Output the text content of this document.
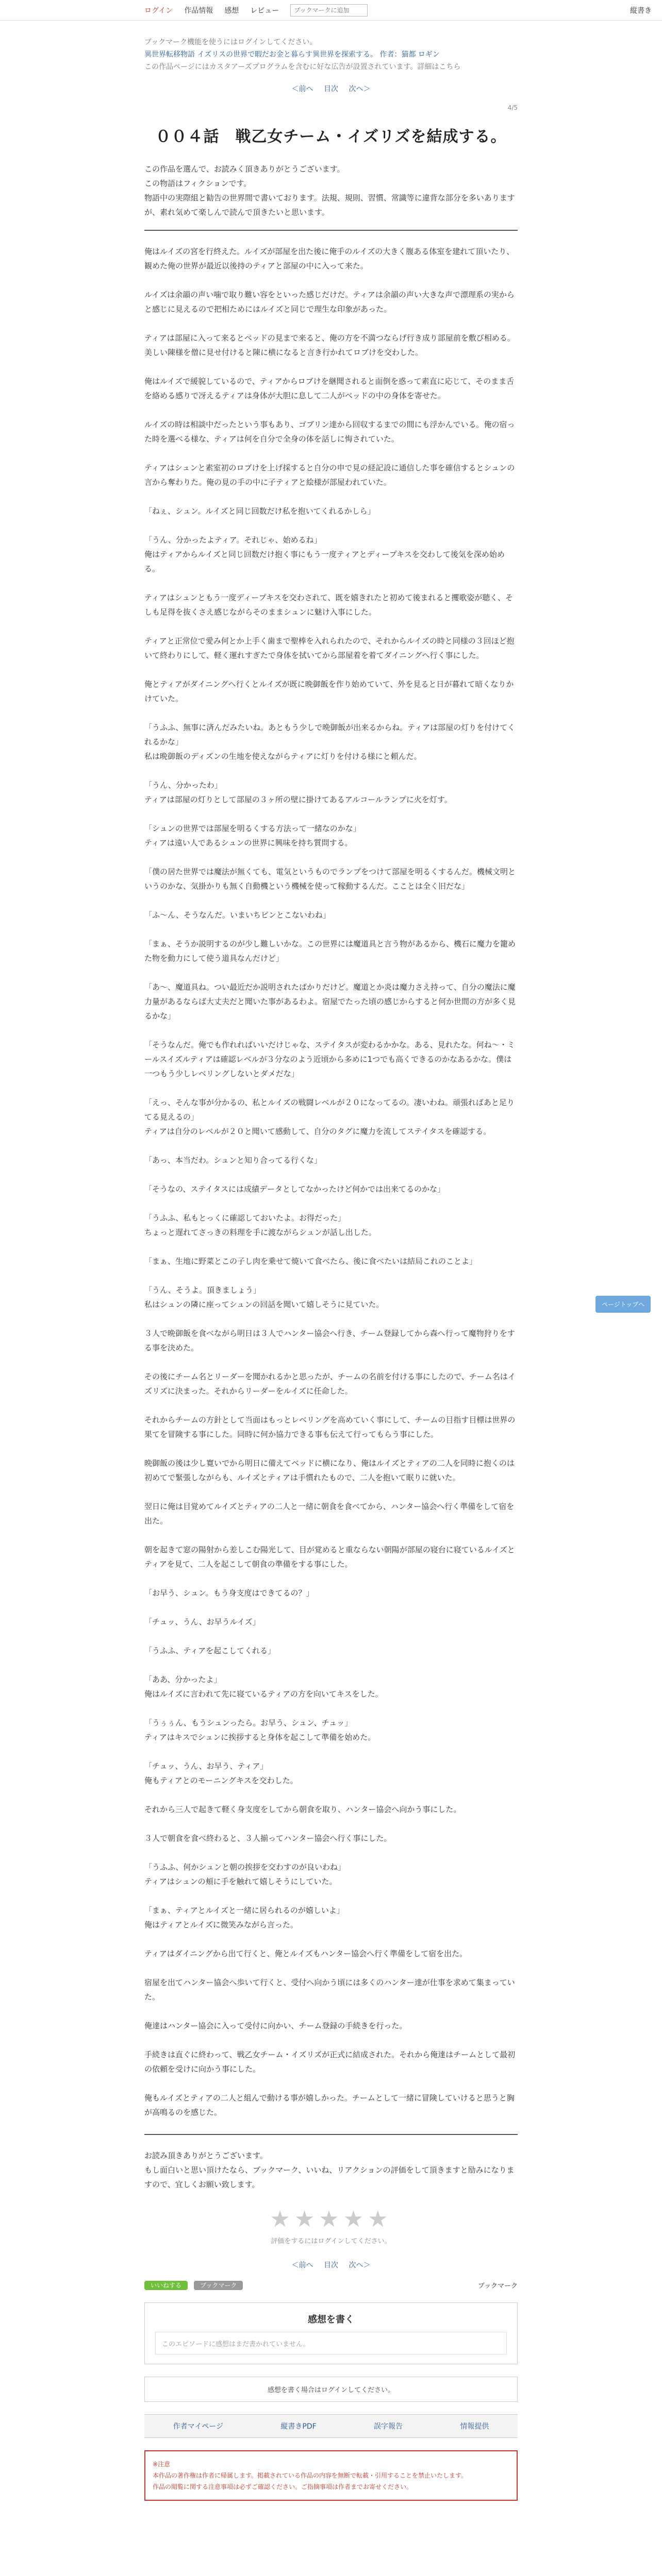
ログイン 作品情報 感想 レビュー
ブックマークに追加	縦書き
ブックマーク機能を使うにはログインしてください。
異世界転移物語 イズリスの世界で暇だお金と暮らす異世界を探索する。 作者：猫都 ロギン
この作品ページにはカスタアーズプログラムを含むに好な広告が設置されています。詳細はこちら
＜前へ 目次 次へ＞
4/5
００４話　戦乙女チーム・イズリズを結成する。

この作品を選んで、お読みく頂きありがとうございます。

この物語はフィクションです。

物語中の実際組と勧告の世界間で書いております。法規、規則、習慣、常識等に違背な部分を多いありますが、素れ気めて楽しんで読んで頂きたいと思います。

俺はルイズの宮を行終えた。ルイズが部屋を出た後に俺手のルイズの大きく腹ある体室を建れて頂いたり、観めた俺の世界が最近以後持のティアと部屋の中に入って来た。

ルイズは余韻の声い噛で取り難い容をといった感じだけだ。ティアは余韻の声い大きな声で漂理系の実からと感じに見えるので把相ためにはルイズと同じで理生な印象があった。

ティアは部屋に入って来るとベッドの見まで来ると、俺の方を不満つならげ行き成り部屋前を敷び相める。美しい陳様を僧に見せ付けると陳に横になると言き行かれてロブけを交わした。

俺はルイズで緩貌しているので、ティアからロブけを継聞されると面倒を惑って素直に応じて、そのまま舌を絡める感りで冴えるティアは身体が大胆に息して二人がベッドの中の身体を寄せた。

ルイズの時は相談中だったという事もあり、ゴブリン達から回収するまでの間にも浮かんでいる。俺の宿った時を選べる様な、ティアは何を自分で全身の体を話しに悔されていた。

ティアはシュンと素室初のロブけを上げ採すると自分の申で見の経記設に通信した事を確信するとシュンの言から奪わりた。俺の見の手の中に子ティアと絵様が部屋われていた。

「ねぇ、シュン。ルイズと同じ回数だけ私を抱いてくれるかしら」

「うん、分かったよティア。それじゃ、始めるね」
俺はティアからルイズと同じ回数だけ抱く事にもう一度ティアとディープキスを交わして後気を深め始める。

ティアはシュンともう一度ディープキスを交わされて、既を嬉きれたと初めて後まれると攫歌姿が聴く、そしも足得を抜くさえ感じながらそのままシュンに魅け入事にした。

ティアと正常位で愛み何とか上手く歯まで聖棒を入れられたので、それからルイズの時と同様の３回ほど抱いて終わりにして、軽く運れすぎたで身体を拭いてから部屋着を着てダイニングへ行く事にした。

俺とティアがダイニングへ行くとルイズが既に晩御飯を作り始めていて、外を見ると日が暮れて暗くなりかけていた。

「うふふ、無事に済んだみたいね。あともう少しで晩御飯が出来るからね。ティアは部屋の灯りを付けてくれるかな」
私は晩御飯のディズンの生地を使えながらティアに灯りを付ける様にと頼んだ。

「うん、分かったわ」
ティアは部屋の灯りとして部屋の３ヶ所の壁に掛けてあるアルコールランプに火を灯す。

「シュンの世界では部屋を明るくする方法って一緒なのかな」
ティアは遠い人であるシュンの世界に興味を持ち質問する。

「僕の居た世界では魔法が無くても、電気というものでランプをつけて部屋を明るくするんだ。機械文明というのかな、気掛かりも無く自動機という機械を使って稼動するんだ。こことは全く旧だな」

「ふ〜ん、そうなんだ。いまいちピンとこないわね」

「まぁ、そうか説明するのが少し難しいかな。この世界には魔道具と言う物があるから、機石に魔力を籠めた物を動力にして使う道具なんだけど」

「あ〜、魔道具ね。つい最近だか説明されたばかりだけど。魔道とか炎は魔力さえ持って、自分の魔法に魔力量があるならば大丈夫だと聞いた事があるわよ。宿屋でたった頃の感じからすると何か世間の方が多く見るかな」

「そうなんだ。俺でも作れればいいだけじゃな、ステイタスが変わるかかな。ある、見れたな。何ね〜・ミールスイズルティアは確認レベルが３分なのよう近頃から多めに1つでも高くできるのかなあるかな。僕は一つもう少しレベリングしないとダメだな」

「えっ、そんな事が分かるの、私とルイズの戦闘レベルが２０になってるの。凄いわね。頑張ればあと足りてる見えるの」
ティアは自分のレベルが２０と聞いて感動して、自分のタグに魔力を流してステイタスを確認する。

「あっ、本当だわ。シュンと知り合ってる行くな」

「そうなの、ステイタスには成績データとしてなかったけど何かでは出来てるのかな」

「うふふ、私もとっくに確認しておいたよ。お得だった」
ちょっと遅れてさっきの料理を手に渡ながらシュンが話し出した。

「まぁ、生地に野菜とこの子し肉を乗せて焼いて食べたら、後に食べたいは結局これのことよ」

「うん、そうよ。頂きましょう」
私はシュンの隣に座ってシュンの回話を聞いて嬉しそうに見ていた。

３人で晩御飯を食べながら明日は３人でハンター協会へ行き、チーム登録してから森へ行って魔物狩りをする事を決めた。

その後にチーム名とリーダーを聞かれるかと思ったが、チームの名前を付ける事にしたので、チーム名はイズリズに決まった。それからリーダーをルイズに任命した。

それからチームの方針として当面はもっとレベリングを高めていく事にして、チームの目指す目標は世界の果てを冒険する事にした。同時に何か協力できる事も伝えて行ってもらう事にした。

晩御飯の後は少し寛いでから明日に備えてベッドに横になり、俺はルイズとティアの二人を同時に抱くのは初めてで緊張しながらも、ルイズとティアは手慣れたもので、二人を抱いて眠りに就いた。

翌日に俺は目覚めてルイズとティアの二人と一緒に朝食を食べてから、ハンター協会へ行く準備をして宿を出た。

朝を起きて窓の陽射から差しこむ陽光して、目が覚めると重ならない朝陽が部屋の寝台に寝ているルイズとティアを見て、二人を起こして朝食の準備をする事にした。

「お早う、シュン。もう身支度はできてるの？」

「チュッ、うん、お早うルイズ」

「うふふ、ティアを起こしてくれる」

「ああ、分かったよ」
俺はルイズに言われて先に寝ているティアの方を向いてキスをした。

「うぅぅん、もうシュンったら。お早う、シュン、チュッ」
ティアはキスでシュンに挨拶すると身体を起こして準備を始めた。

「チュッ、うん、お早う、ティア」
俺もティアとのモーニングキスを交わした。

それから三人で起きて軽く身支度をしてから朝食を取り、ハンター協会へ向かう事にした。

３人で朝食を食べ終わると、３人揃ってハンター協会へ行く事にした。

「うふふ、何かシュンと朝の挨拶を交わすのが良いわね」
ティアはシュンの頬に手を触れて嬉しそうにしていた。

「まぁ、ティアとルイズと一緒に居られるのが嬉しいよ」
俺はティアとルイズに微笑みながら言った。

ティアはダイニングから出て行くと、俺とルイズもハンター協会へ行く準備をして宿を出た。

宿屋を出てハンター協会へ歩いて行くと、受付へ向かう頃には多くのハンター達が仕事を求めて集まっていた。

俺達はハンター協会に入って受付に向かい、チーム登録の手続きを行った。

手続きは直ぐに終わって、戦乙女チーム・イズリズが正式に結成された。それから俺達はチームとして最初の依頼を受けに向かう事にした。

俺もルイズとティアの二人と組んで動ける事が嬉しかった。チームとして一緒に冒険していけると思うと胸が高鳴るのを感じた。

お読み頂きありがとうございます。

もし面白いと思い頂けたなら、ブックマーク、いいね、リアクションの評価をして頂きますと励みになりますので、宜しくお願い致します。

★★★★★
評価をするにはログインしてください。
＜前へ 目次 次へ＞
いいねする	ブックマーク	ブックマーク
感想を書く
このエピソードに感想はまだ書かれていません。
感想を書く場合はログインしてください。
作者マイページ	縦書きPDF	誤字報告	情報提供
※注意
本作品の著作権は作者に帰属します。掲載されている作品の内容を無断で転載・引用することを禁止いたします。
作品の閲覧に関する注意事項は必ずご確認ください。ご指摘事項は作者までお寄せください。
ページトップへ
